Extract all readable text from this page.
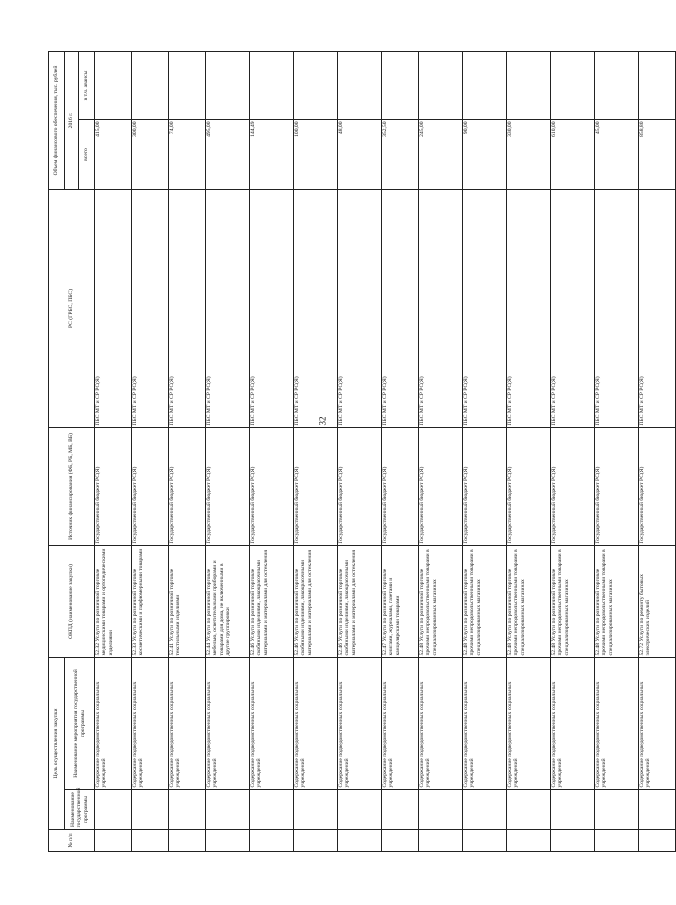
32
№ п/п	Цель осуществления закупки		ОКПД (наименование закупки)	Источник финансирования (ФБ, РБ, МБ, ВБ)	РС (ГРБС, ПБС)	Объем финансового обеспечения, тыс. рублей	
	Наименование государственной программы	Наименование мероприятия государственной программы				2016 г.	
						всего	в т.ч. авансы

		Содержание подведомственных социальных учреждений	52.32 Услуги по розничной торговле медицинскими товарами и ортопедическими изделиями	Государственный бюджет РС(Я)	ПБС МТ и СР РС(Я)	415,00	
		Содержание подведомственных социальных учреждений	52.33 Услуги по розничной торговле косметическими и парфюмерными товарами	Государственный бюджет РС(Я)	ПБС МТ и СР РС(Я)	300,00	
		Содержание подведомственных социальных учреждений	52.41 Услуги по розничной торговле текстильными изделиями	Государственный бюджет РС(Я)	ПБС МТ и СР РС(Я)	74,00	
		Содержание подведомственных социальных учреждений	52.44 Услуги по розничной торговле мебелью, осветительными приборами и товарами для дома, не включенными в другие группировки	Государственный бюджет РС(Я)	ПБС МТ и СР РС(Я)	495,00	
		Содержание подведомственных социальных учреждений	52.46 Услуги по розничной торговле скобяными изделиями, лакокрасочными материалами и материалами для остекления	Государственный бюджет РС(Я)	ПБС МТ и СР РС(Я)	144,49	
		Содержание подведомственных социальных учреждений	52.46 Услуги по розничной торговле скобяными изделиями, лакокрасочными материалами и материалами для остекления	Государственный бюджет РС(Я)	ПБС МТ и СР РС(Я)	100,00	
		Содержание подведомственных социальных учреждений	52.46 Услуги по розничной торговле скобяными изделиями, лакокрасочными материалами и материалами для остекления	Государственный бюджет РС(Я)	ПБС МТ и СР РС(Я)	48,00	
		Содержание подведомственных социальных учреждений	52.47 Услуги по розничной торговле книгами, журналами, газетами и канцелярскими товарами	Государственный бюджет РС(Я)	ПБС МТ и СР РС(Я)	352,50	
		Содержание подведомственных социальных учреждений	52.48 Услуги по розничной торговле прочими непродовольственными товарами в специализированных магазинах	Государственный бюджет РС(Я)	ПБС МТ и СР РС(Я)	245,00	
		Содержание подведомственных социальных учреждений	52.48 Услуги по розничной торговле прочими непродовольственными товарами в специализированных магазинах	Государственный бюджет РС(Я)	ПБС МТ и СР РС(Я)	90,00	
		Содержание подведомственных социальных учреждений	52.48 Услуги по розничной торговле прочими непродовольственными товарами в специализированных магазинах	Государственный бюджет РС(Я)	ПБС МТ и СР РС(Я)	330,00	
		Содержание подведомственных социальных учреждений	52.48 Услуги по розничной торговле прочими непродовольственными товарами в специализированных магазинах	Государственный бюджет РС(Я)	ПБС МТ и СР РС(Я)	610,00	
		Содержание подведомственных социальных учреждений	52.48 Услуги по розничной торговле прочими непродовольственными товарами в специализированных магазинах	Государственный бюджет РС(Я)	ПБС МТ и СР РС(Я)	45,00	
		Содержание подведомственных социальных учреждений	52.72 Услуги по ремонту бытовых электрических изделий	Государственный бюджет РС(Я)	ПБС МТ и СР РС(Я)	858,80	
